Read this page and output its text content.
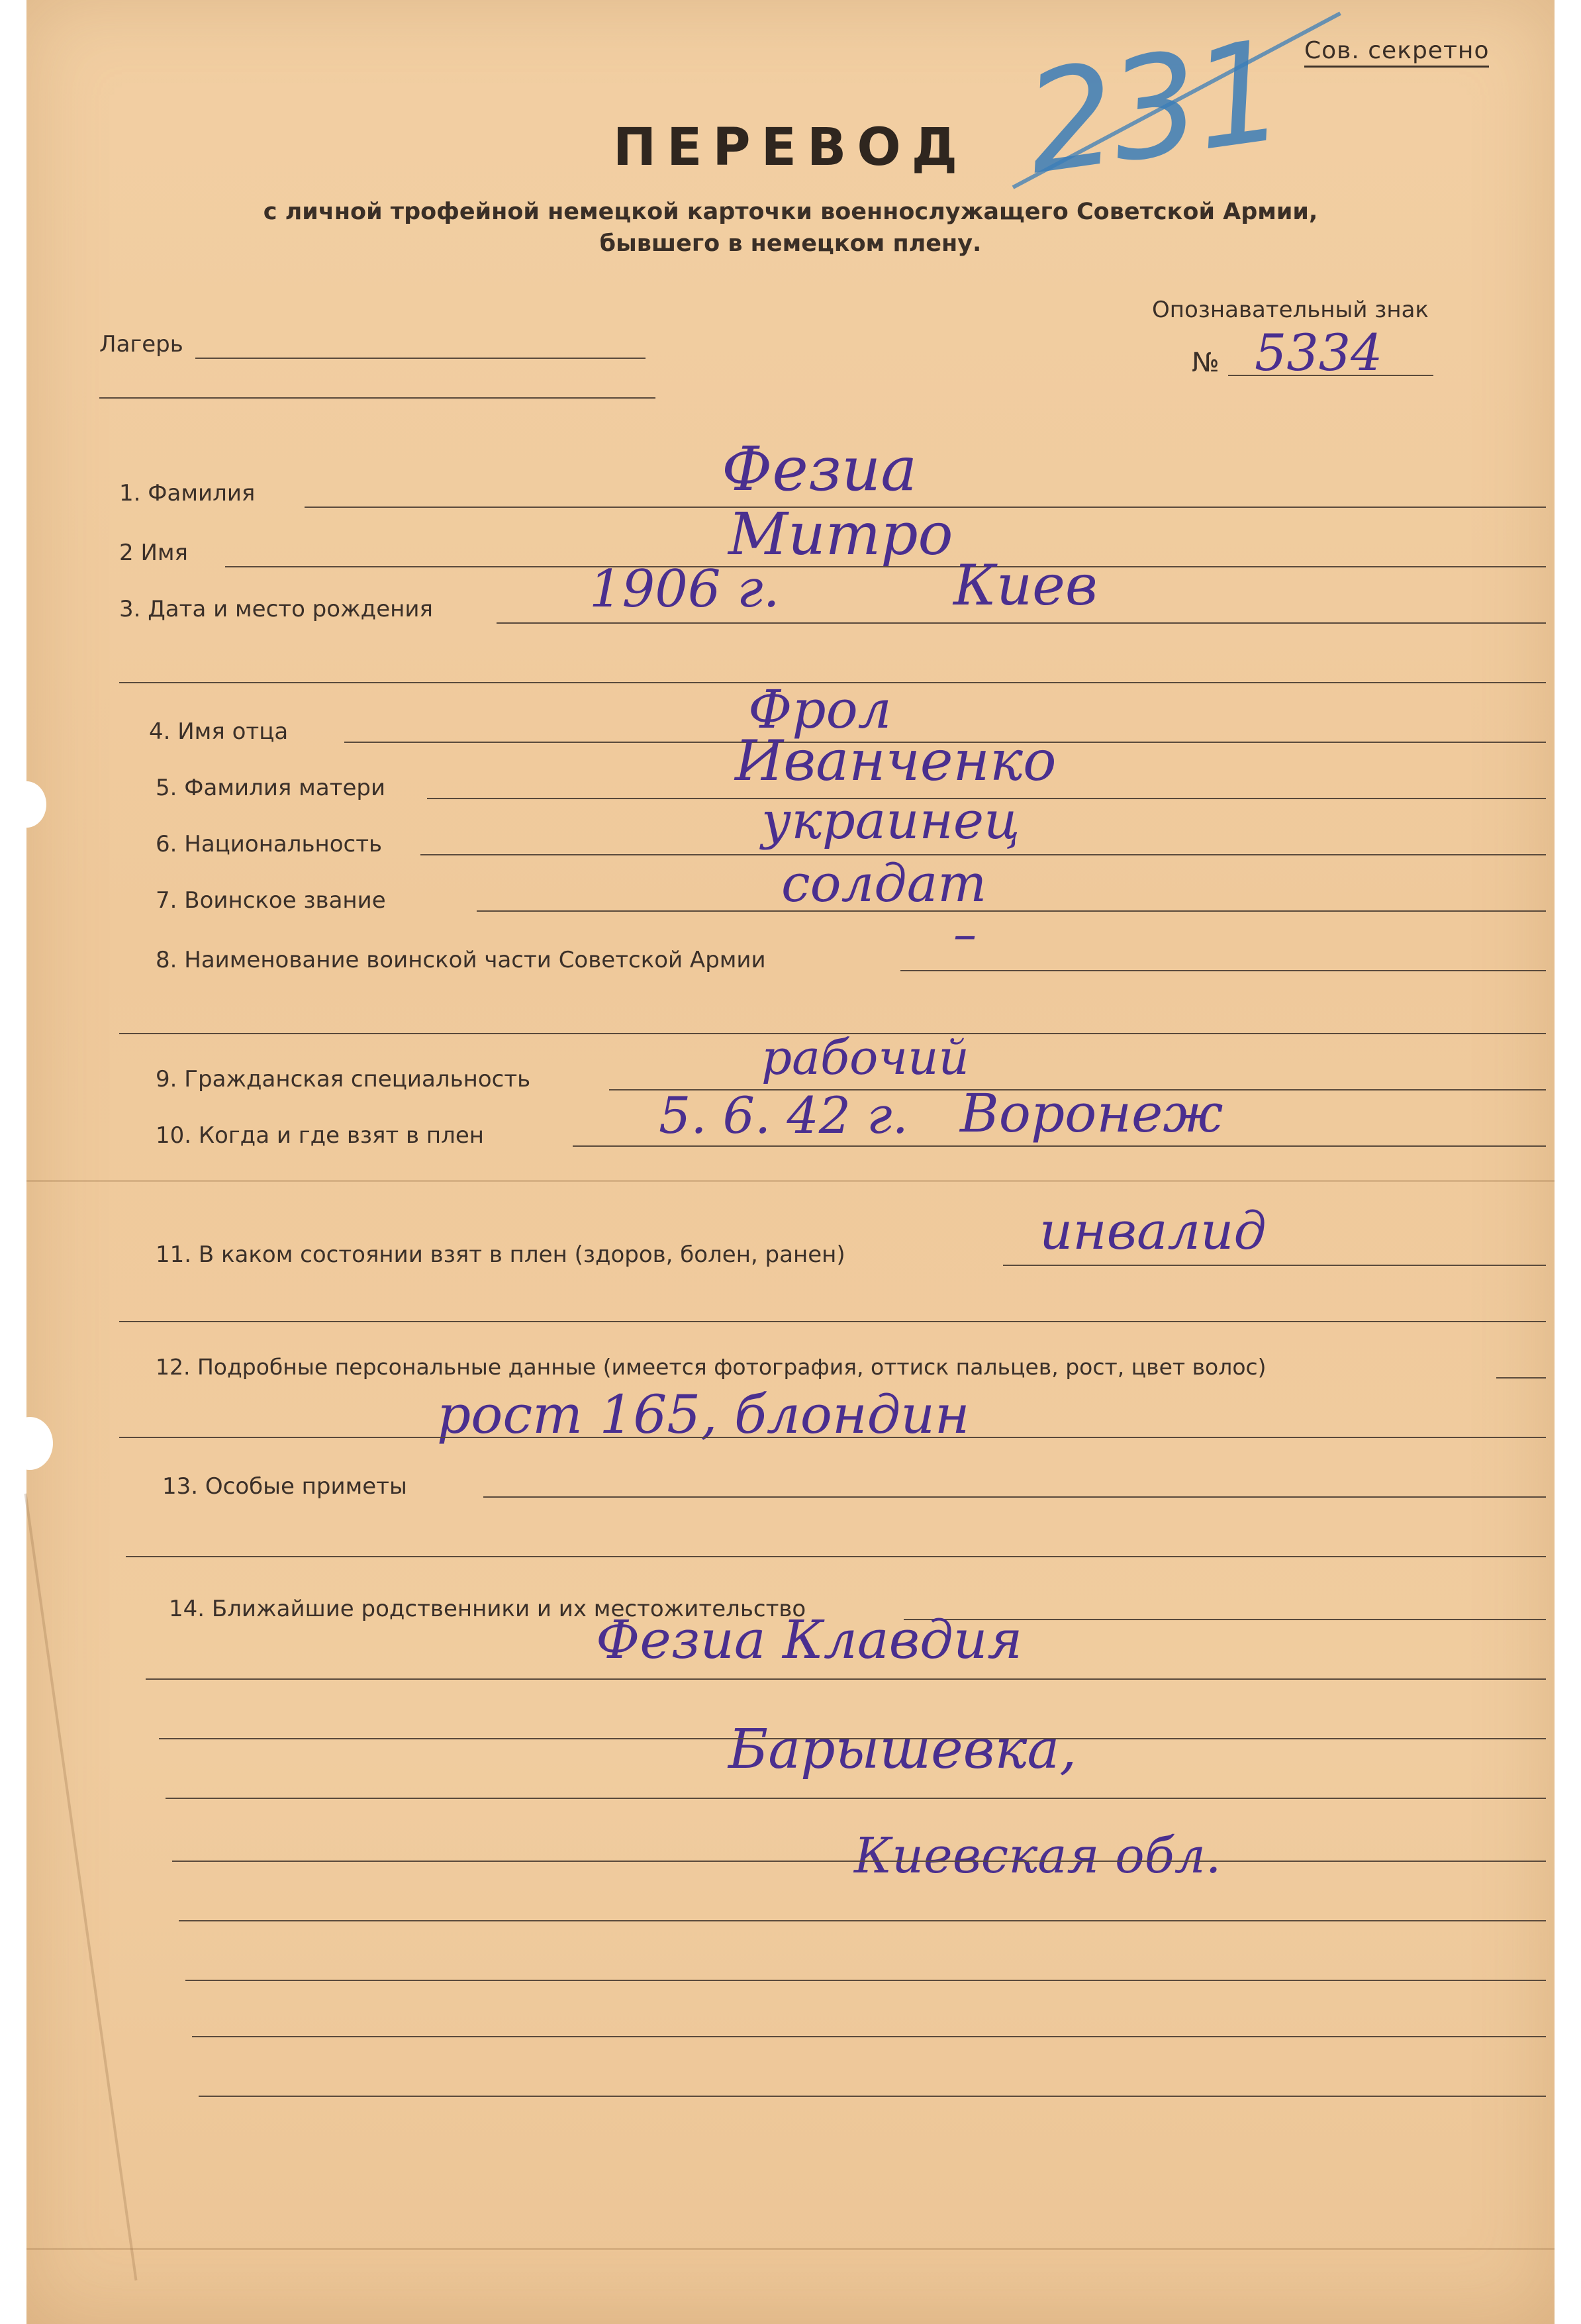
Сов. секретно
ПЕРЕВОД
с личной трофейной немецкой карточки военнослужащего Советской Армии,
бывшего в немецком плену.
231
Лагерь
Опознавательный знак
№ 5334
1. Фамилия	Фезиа
2 Имя	Митро
3. Дата и место рождения	1906 г.	Киев
4. Имя отца	Фрол
5. Фамилия матери	Иванченко
6. Национальность	украинец
7. Воинское звание	солдат
8. Наименование воинской части Советской Армии	–
9. Гражданская специальность	рабочий
10. Когда и где взят в плен	5. 6. 42 г. Воронеж
11. В каком состоянии взят в плен (здоров, болен, ранен)	инвалид
12. Подробные персональные данные (имеется фотография, оттиск пальцев, рост, цвет волос)
рост 165, блондин
13. Особые приметы
14. Ближайшие родственники и их местожительство
Фезиа Клавдия
Барышевка,
Киевская обл.
